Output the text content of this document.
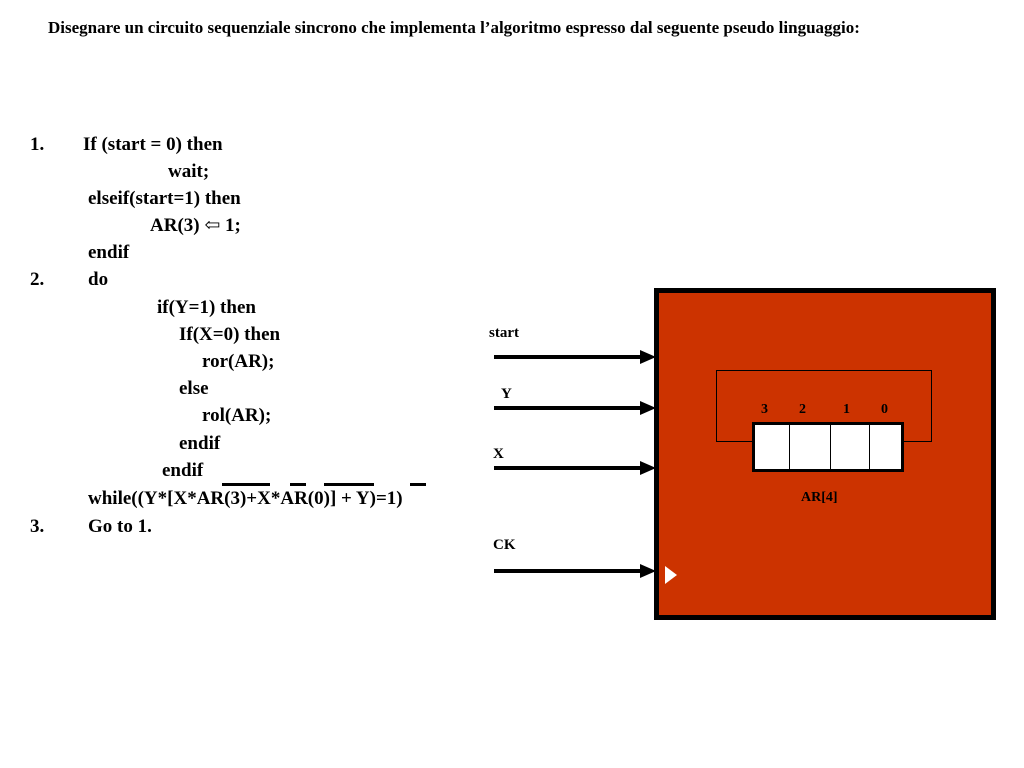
Disegnare un circuito sequenziale sincrono che implementa l’algoritmo espresso dal seguente pseudo linguaggio:
1. If (start = 0) then
wait;
elseif(start=1) then
AR(3) ⇦ 1;
endif
2. do
if(Y=1) then
If(X=0) then
ror(AR);
else
rol(AR);
endif
endif
while((Y*[X*AR(3)+X*AR(0)] + Y)=1)
3. Go to 1.
start
Y
X
CK
3 2	1 0
AR[4]
